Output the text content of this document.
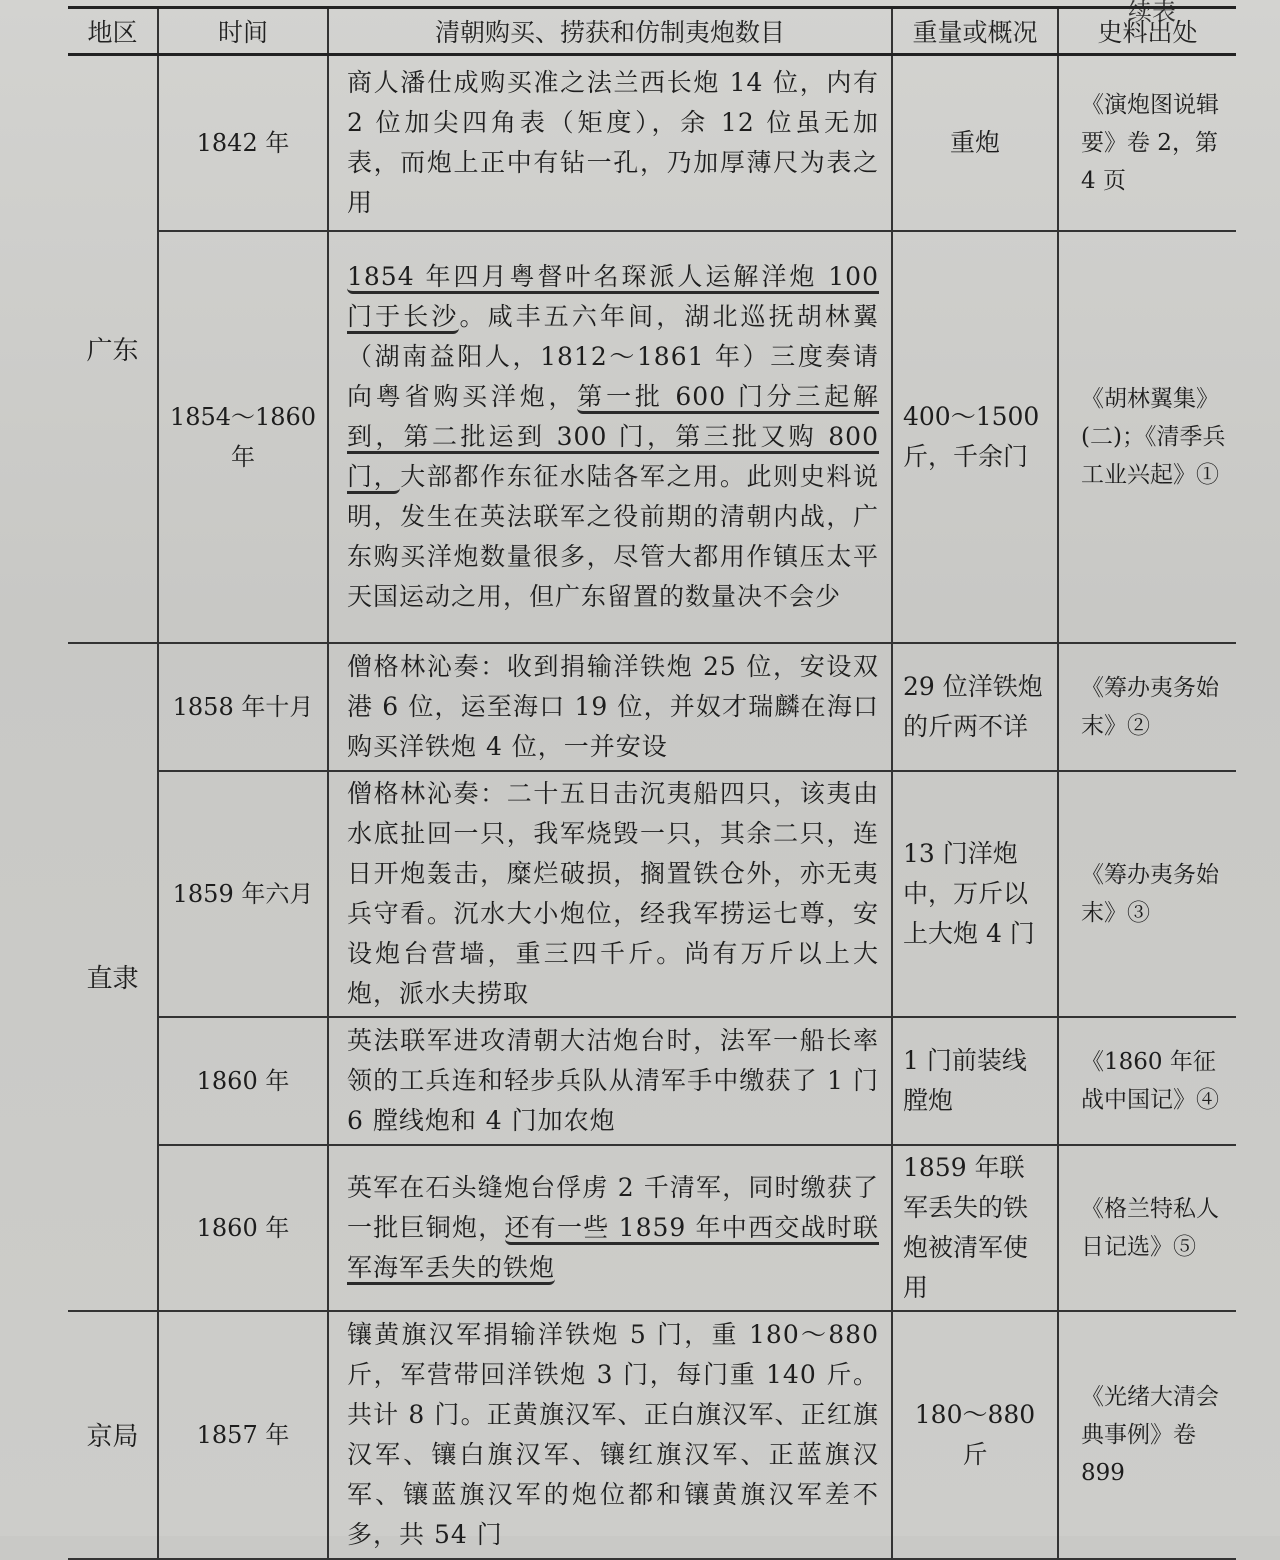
续表
地区	时间	清朝购买、捞获和仿制夷炮数目	重量或概况	史料出处
广东	1842 年	商人潘仕成购买准之法兰西长炮 14 位，内有 2 位加尖四角表（矩度），余 12 位虽无加表，而炮上正中有钻一孔，乃加厚薄尺为表之用	重炮	《演炮图说辑要》卷 2，第 4 页
	1854～1860 年	1854 年四月粤督叶名琛派人运解洋炮 100 门于长沙。咸丰五六年间，湖北巡抚胡林翼（湖南益阳人，1812～1861 年）三度奏请向粤省购买洋炮，第一批 600 门分三起解到，第二批运到 300 门，第三批又购 800 门，大部都作东征水陆各军之用。此则史料说明，发生在英法联军之役前期的清朝内战，广东购买洋炮数量很多，尽管大都用作镇压太平天国运动之用，但广东留置的数量决不会少	400～1500 斤，千余门	《胡林翼集》(二)；《清季兵工业兴起》①
直隶	1858 年十月	僧格林沁奏：收到捐输洋铁炮 25 位，安设双港 6 位，运至海口 19 位，并奴才瑞麟在海口购买洋铁炮 4 位，一并安设	29 位洋铁炮的斤两不详	《筹办夷务始末》②
	1859 年六月	僧格林沁奏：二十五日击沉夷船四只，该夷由水底扯回一只，我军烧毁一只，其余二只，连日开炮轰击，糜烂破损，搁置铁仓外，亦无夷兵守看。沉水大小炮位，经我军捞运七尊，安设炮台营墙，重三四千斤。尚有万斤以上大炮，派水夫捞取	13 门洋炮中，万斤以上大炮 4 门	《筹办夷务始末》③
	1860 年	英法联军进攻清朝大沽炮台时，法军一船长率领的工兵连和轻步兵队从清军手中缴获了 1 门 6 膛线炮和 4 门加农炮	1 门前装线膛炮	《1860 年征战中国记》④
	1860 年	英军在石头缝炮台俘虏 2 千清军，同时缴获了一批巨铜炮，还有一些 1859 年中西交战时联军海军丢失的铁炮	1859 年联军丢失的铁炮被清军使用	《格兰特私人日记选》⑤
京局	1857 年	镶黄旗汉军捐输洋铁炮 5 门，重 180～880 斤，军营带回洋铁炮 3 门，每门重 140 斤。共计 8 门。正黄旗汉军、正白旗汉军、正红旗汉军、镶白旗汉军、镶红旗汉军、正蓝旗汉军、镶蓝旗汉军的炮位都和镶黄旗汉军差不多，共 54 门	180～880 斤	《光绪大清会典事例》卷 899
